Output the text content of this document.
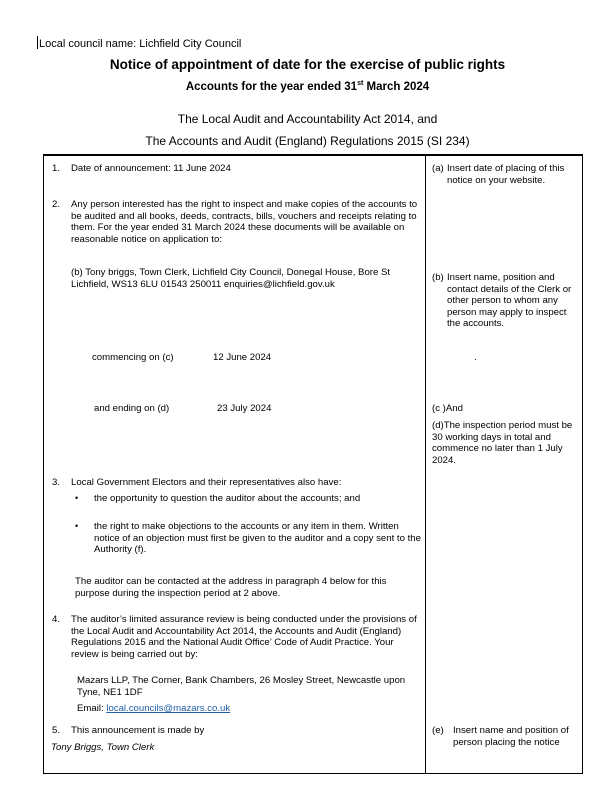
Local council name: Lichfield City Council
Notice of appointment of date for the exercise of public rights
Accounts for the year ended 31st March 2024
The Local Audit and Accountability Act 2014, and
The Accounts and Audit (England) Regulations 2015 (SI 234)
1. Date of announcement: 11 June 2024
2. Any person interested has the right to inspect and make copies of the accounts to be audited and all books, deeds, contracts, bills, vouchers and receipts relating to them. For the year ended 31 March 2024 these documents will be available on reasonable notice on application to:
(b) Tony briggs, Town Clerk, Lichfield City Council, Donegal House, Bore St Lichfield, WS13 6LU 01543 250011 enquiries@lichfield.gov.uk
commencing on (c)	12 June 2024
and ending on (d)	23 July 2024
3. Local Government Electors and their representatives also have:
• the opportunity to question the auditor about the accounts; and
• the right to make objections to the accounts or any item in them. Written notice of an objection must first be given to the auditor and a copy sent to the Authority (f).
The auditor can be contacted at the address in paragraph 4 below for this purpose during the inspection period at 2 above.
4. The auditor’s limited assurance review is being conducted under the provisions of the Local Audit and Accountability Act 2014, the Accounts and Audit (England) Regulations 2015 and the National Audit Office’ Code of Audit Practice. Your review is being carried out by:
Mazars LLP, The Corner, Bank Chambers, 26 Mosley Street, Newcastle upon Tyne, NE1 1DF
Email: local.councils@mazars.co.uk
5. This announcement is made by
Tony Briggs, Town Clerk
(a) Insert date of placing of this notice on your website.
(b) Insert name, position and contact details of the Clerk or other person to whom any person may apply to inspect the accounts.
.
(c )And
(d)The inspection period must be 30 working days in total and commence no later than 1 July 2024.
(e) Insert name and position of person placing the notice
